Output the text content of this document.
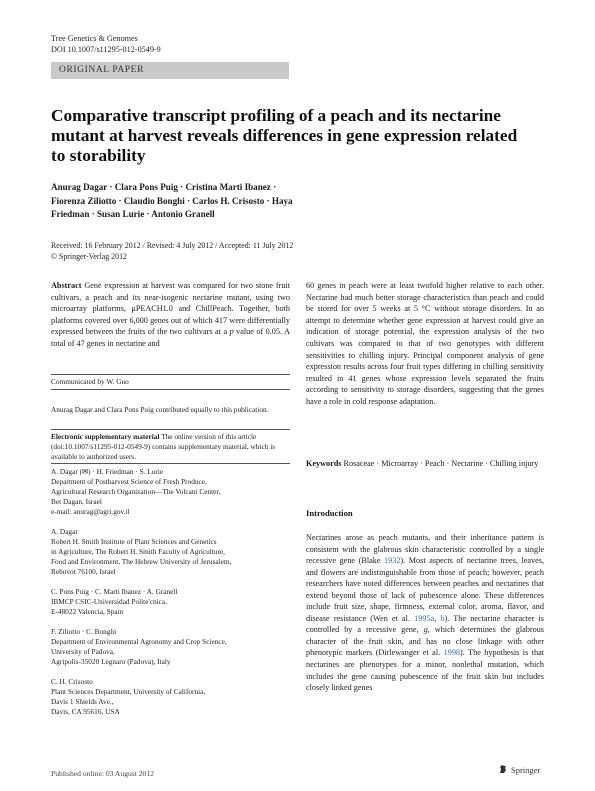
Tree Genetics & Genomes
DOI 10.1007/s11295-012-0549-9
ORIGINAL PAPER
Comparative transcript profiling of a peach and its nectarine mutant at harvest reveals differences in gene expression related to storability
Anurag Dagar · Clara Pons Puig · Cristina Marti Ibanez · Fiorenza Ziliotto · Claudio Bonghi · Carlos H. Crisosto · Haya Friedman · Susan Lurie · Antonio Granell
Received: 16 February 2012 / Revised: 4 July 2012 / Accepted: 11 July 2012
© Springer-Verlag 2012
Abstract Gene expression at harvest was compared for two stone fruit cultivars, a peach and its near-isogenic nectarine mutant, using two microarray platforms, μPEACH1.0 and ChillPeach. Together, both platforms covered over 6,000 genes out of which 417 were differentially expressed between the fruits of the two cultivars at a p value of 0.05. A total of 47 genes in nectarine and
60 genes in peach were at least twofold higher relative to each other. Nectarine had much better storage characteristics than peach and could be stored for over 5 weeks at 5 °C without storage disorders. In an attempt to determine whether gene expression at harvest could give an indication of storage potential, the expression analysis of the two cultivars was compared to that of two genotypes with different sensitivities to chilling injury. Principal component analysis of gene expression results across four fruit types differing in chilling sensitivity resulted in 41 genes whose expression levels separated the fruits according to sensitivity to storage disorders, suggesting that the genes have a role in cold response adaptation.
Communicated by W. Guo
Anurag Dagar and Clara Pons Puig contributed equally to this publication.
Electronic supplementary material The online version of this article (doi:10.1007/s11295-012-0549-9) contains supplementary material, which is available to authorized users.
A. Dagar (✉) · H. Friedman · S. Lurie
Department of Postharvest Science of Fresh Produce,
Agricultural Research Organization—The Volcani Center,
Bet Dagan, Israel
e-mail: anurag@agri.gov.il
A. Dagar
Robert H. Smith Institute of Plant Sciences and Genetics
in Agriculture, The Robert H. Smith Faculty of Agriculture,
Food and Environment, The Hebrew University of Jerusalem,
Rehovot 76100, Israel
C. Pons Puig · C. Marti Ibanez · A. Granell
IBMCP CSIC-Universidad Polite'cnica,
E-48022 Valencia, Spain
F. Ziliotto · C. Bonghi
Department of Environmental Agronomy and Crop Science,
University of Padova,
Agripolis-35020 Legnaro (Padova), Italy
C. H. Crisosto
Plant Sciences Department, University of California,
Davis 1 Shields Ave.,
Davis, CA 95616, USA
Keywords Rosaceae · Microarray · Peach · Nectarine · Chilling injury
Introduction
Nectarines arose as peach mutants, and their inheritance pattern is consistent with the glabrous skin characteristic controlled by a single recessive gene (Blake 1932). Most aspects of nectarine trees, leaves, and flowers are indistinguishable from those of peach; however, peach researchers have noted differences between peaches and nectarines that extend beyond those of lack of pubescence alone. These differences include fruit size, shape, firmness, external color, aroma, flavor, and disease resistance (Wen et al. 1995a, b). The nectarine character is controlled by a recessive gene, g, which determines the glabrous character of the fruit skin, and has no close linkage with other phenotypic markers (Dirlewanger et al. 1998). The hypothesis is that nectarines are phenotypes for a minor, nonlethal mutation, which includes the gene causing pubescence of the fruit skin but includes closely linked genes
Published online: 03 August 2012	Springer
